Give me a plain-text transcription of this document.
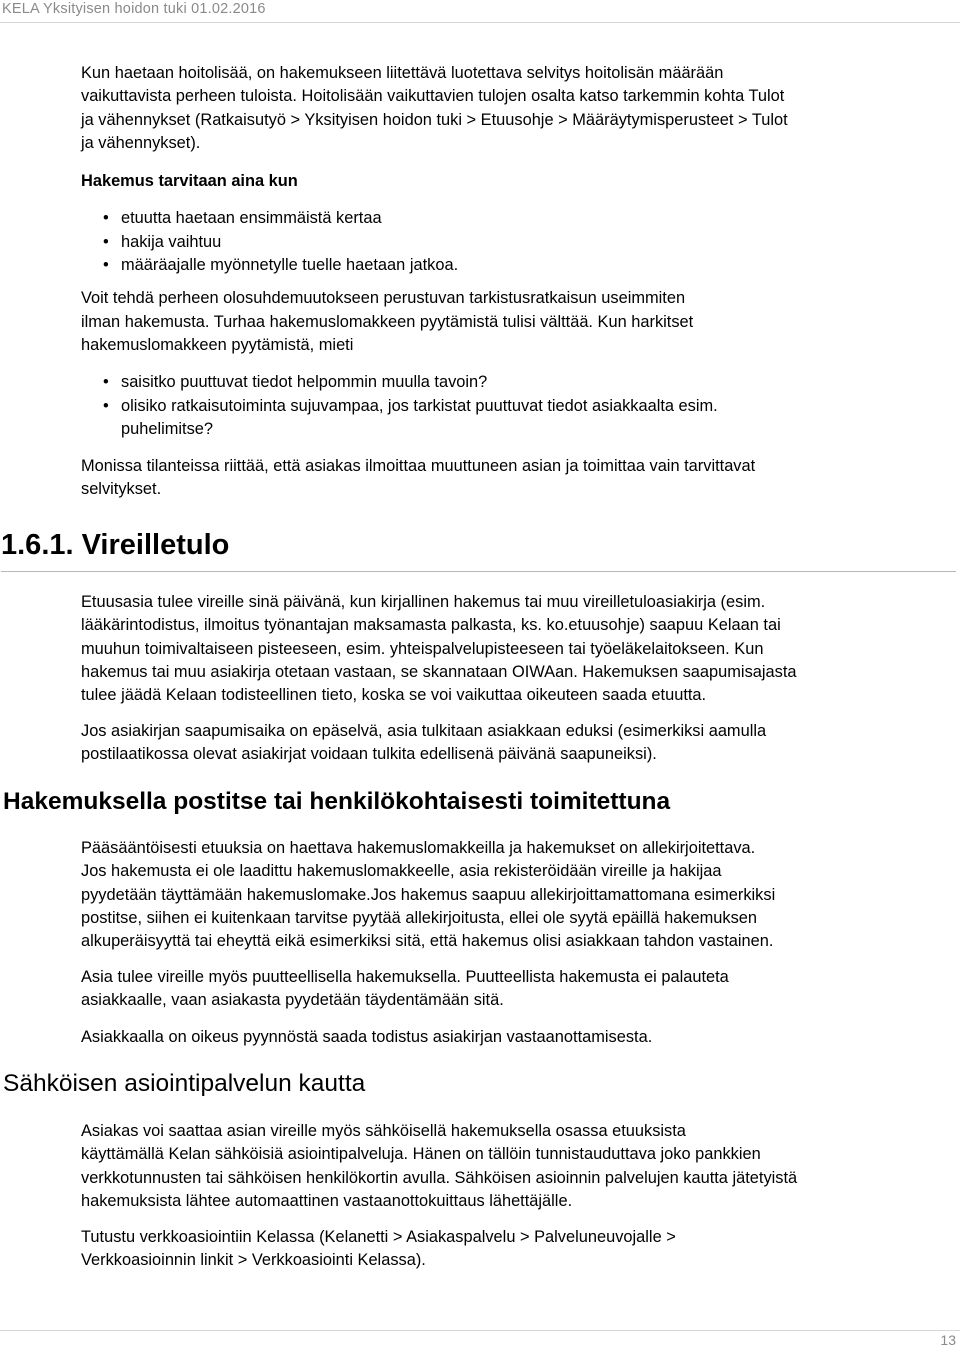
KELA Yksityisen hoidon tuki 01.02.2016

Kun haetaan hoitolisää, on hakemukseen liitettävä luotettava selvitys hoitolisän määrään
vaikuttavista perheen tuloista. Hoitolisään vaikuttavien tulojen osalta katso tarkemmin kohta Tulot
ja vähennykset (Ratkaisutyö > Yksityisen hoidon tuki > Etuusohje > Määräytymisperusteet > Tulot
ja vähennykset).

Hakemus tarvitaan aina kun

• etuutta haetaan ensimmäistä kertaa
• hakija vaihtuu
• määräajalle myönnetylle tuelle haetaan jatkoa.

Voit tehdä perheen olosuhdemuutokseen perustuvan tarkistusratkaisun useimmiten
ilman hakemusta. Turhaa hakemuslomakkeen pyytämistä tulisi välttää. Kun harkitset
hakemuslomakkeen pyytämistä, mieti

• saisitko puuttuvat tiedot helpommin muulla tavoin?
• olisiko ratkaisutoiminta sujuvampaa, jos tarkistat puuttuvat tiedot asiakkaalta esim.
puhelimitse?

Monissa tilanteissa riittää, että asiakas ilmoittaa muuttuneen asian ja toimittaa vain tarvittavat
selvitykset.

1.6.1. Vireilletulo
Etuusasia tulee vireille sinä päivänä, kun kirjallinen hakemus tai muu vireilletuloasiakirja (esim.
lääkärintodistus, ilmoitus työnantajan maksamasta palkasta, ks. ko.etuusohje) saapuu Kelaan tai
muuhun toimivaltaiseen pisteeseen, esim. yhteispalvelupisteeseen tai työeläkelaitokseen. Kun
hakemus tai muu asiakirja otetaan vastaan, se skannataan OIWAan. Hakemuksen saapumisajasta
tulee jäädä Kelaan todisteellinen tieto, koska se voi vaikuttaa oikeuteen saada etuutta.
Jos asiakirjan saapumisaika on epäselvä, asia tulkitaan asiakkaan eduksi (esimerkiksi aamulla
postilaatikossa olevat asiakirjat voidaan tulkita edellisenä päivänä saapuneiksi).
Hakemuksella postitse tai henkilökohtaisesti toimitettuna
Pääsääntöisesti etuuksia on haettava hakemuslomakkeilla ja hakemukset on allekirjoitettava.
Jos hakemusta ei ole laadittu hakemuslomakkeelle, asia rekisteröidään vireille ja hakijaa
pyydetään täyttämään hakemuslomake.Jos hakemus saapuu allekirjoittamattomana esimerkiksi
postitse, siihen ei kuitenkaan tarvitse pyytää allekirjoitusta, ellei ole syytä epäillä hakemuksen
alkuperäisyyttä tai eheyttä eikä esimerkiksi sitä, että hakemus olisi asiakkaan tahdon vastainen.
Asia tulee vireille myös puutteellisella hakemuksella. Puutteellista hakemusta ei palauteta
asiakkaalle, vaan asiakasta pyydetään täydentämään sitä.
Asiakkaalla on oikeus pyynnöstä saada todistus asiakirjan vastaanottamisesta.
Sähköisen asiointipalvelun kautta
Asiakas voi saattaa asian vireille myös sähköisellä hakemuksella osassa etuuksista
käyttämällä Kelan sähköisiä asiointipalveluja. Hänen on tällöin tunnistauduttava joko pankkien
verkkotunnusten tai sähköisen henkilökortin avulla. Sähköisen asioinnin palvelujen kautta jätetyistä
hakemuksista lähtee automaattinen vastaanottokuittaus lähettäjälle.
Tutustu verkkoasiointiin Kelassa (Kelanetti > Asiakaspalvelu > Palveluneuvojalle >
Verkkoasioinnin linkit > Verkkoasiointi Kelassa).
13
